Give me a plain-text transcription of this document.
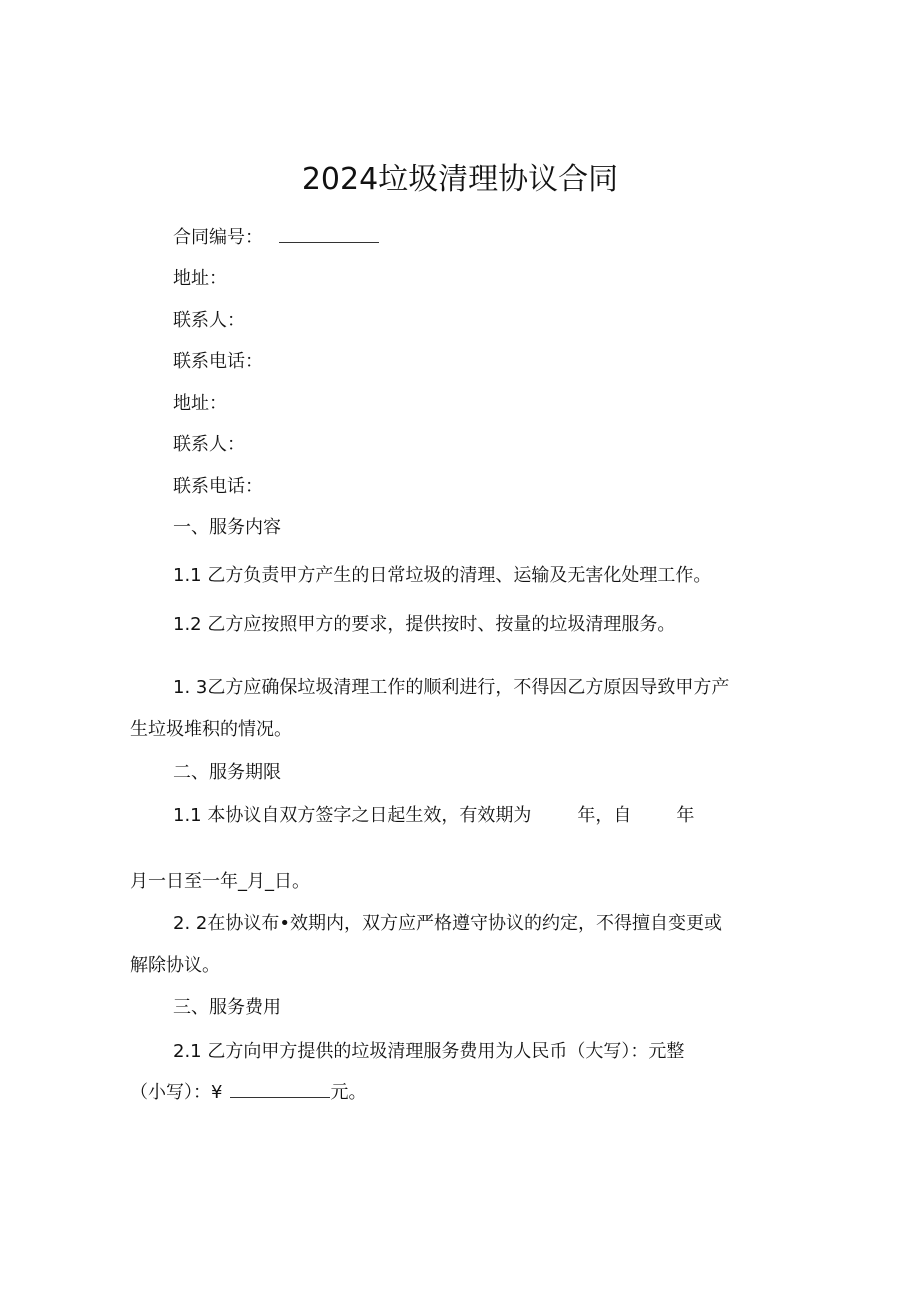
2024垃圾清理协议合同
合同编号：
地址：
联系人：
联系电话：
地址：
联系人：
联系电话：
一、服务内容
1.1 乙方负责甲方产生的日常垃圾的清理、运输及无害化处理工作。
1.2 乙方应按照甲方的要求，提供按时、按量的垃圾清理服务。
1. 3乙方应确保垃圾清理工作的顺利进行，不得因乙方原因导致甲方产
生垃圾堆积的情况。
二、服务期限
1.1 本协议自双方签字之日起生效，有效期为	年，自	年
月一日至一年_月_日。
2. 2在协议布•效期内，双方应严格遵守协议的约定，不得擅自变更或
解除协议。
三、服务费用
2.1 乙方向甲方提供的垃圾清理服务费用为人民币（大写）：元整
（小写）：¥	元。
